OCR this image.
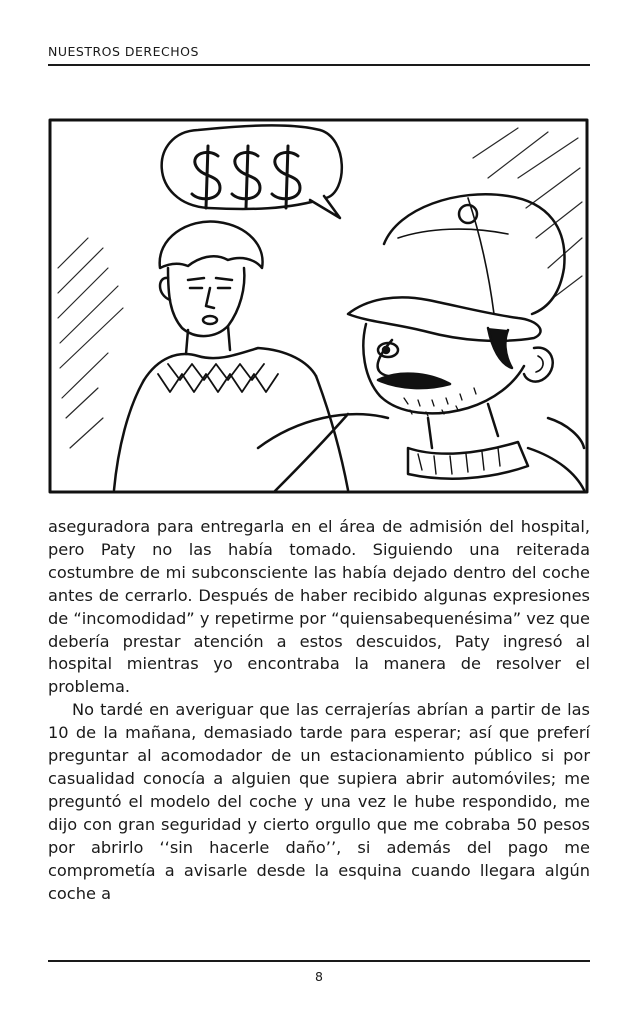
NUESTROS DERECHOS

aseguradora para entregarla en el área de admisión del hospital, pero Paty no las había tomado. Siguiendo una reiterada costumbre de mi subconsciente las había dejado dentro del coche antes de cerrarlo. Después de haber recibido algunas expresiones de “incomodidad” y repetirme por “quiensabequenésima” vez que debería prestar atención a estos descuidos, Paty ingresó al hospital mientras yo encontraba la manera de resolver el problema.

No tardé en averiguar que las cerrajerías abrían a partir de las 10 de la mañana, demasiado tarde para esperar; así que preferí preguntar al acomodador de un estacionamiento público si por casualidad conocía a alguien que supiera abrir automóviles; me preguntó el modelo del coche y una vez le hube respondido, me dijo con gran seguridad y cierto orgullo que me cobraba 50 pesos por abrirlo ‘‘sin hacerle daño’’, si además del pago me comprometía a avisarle desde la esquina cuando llegara algún coche a

8
